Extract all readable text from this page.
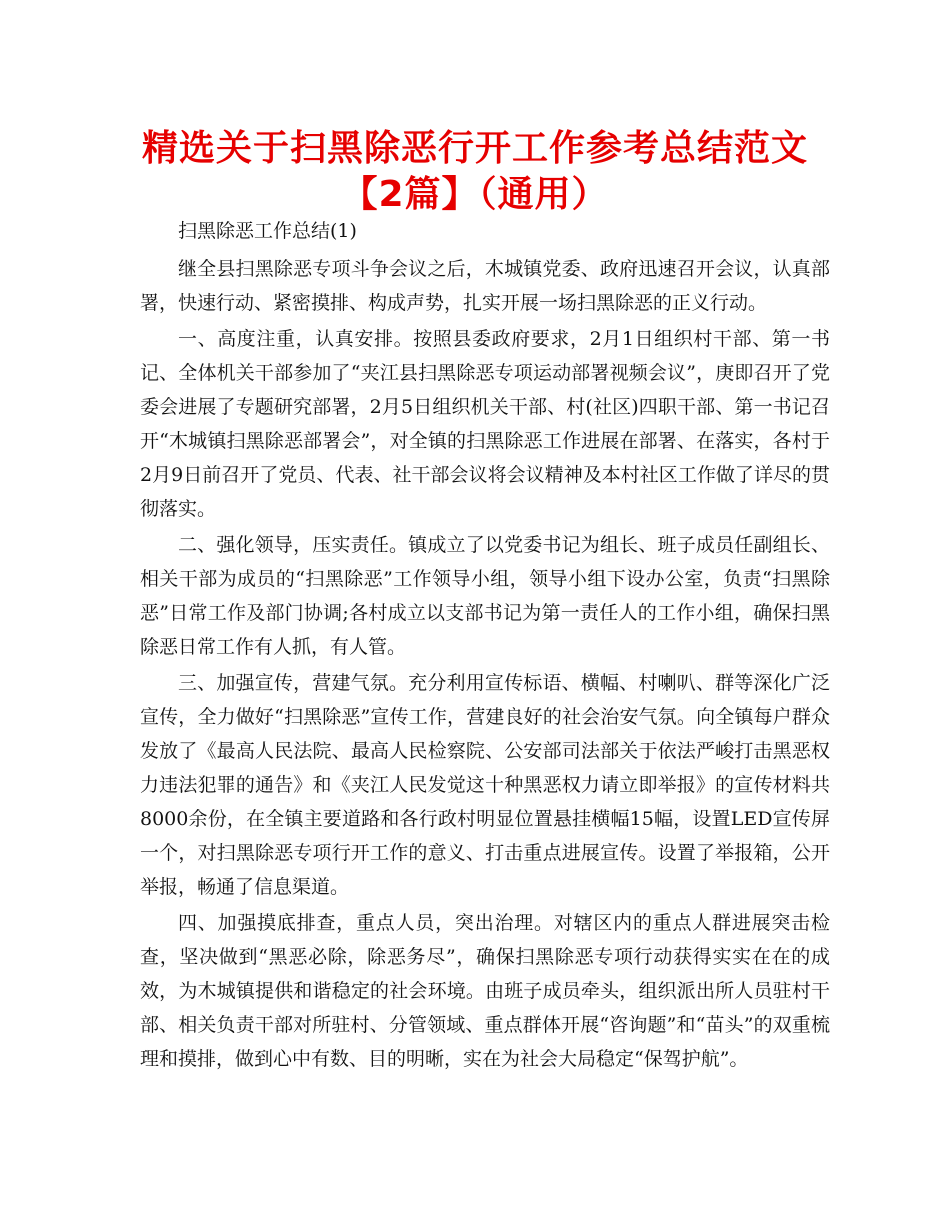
精选关于扫黑除恶行开工作参考总结范文【2篇】（通用）

扫黑除恶工作总结(1)

继全县扫黑除恶专项斗争会议之后，木城镇党委、政府迅速召开会议，认真部署，快速行动、紧密摸排、构成声势，扎实开展一场扫黑除恶的正义行动。

一、高度注重，认真安排。按照县委政府要求，2月1日组织村干部、第一书记、全体机关干部参加了“夹江县扫黑除恶专项运动部署视频会议”，庚即召开了党委会进展了专题研究部署，2月5日组织机关干部、村(社区)四职干部、第一书记召开“木城镇扫黑除恶部署会”，对全镇的扫黑除恶工作进展在部署、在落实，各村于2月9日前召开了党员、代表、社干部会议将会议精神及本村社区工作做了详尽的贯彻落实。

二、强化领导，压实责任。镇成立了以党委书记为组长、班子成员任副组长、相关干部为成员的“扫黑除恶”工作领导小组，领导小组下设办公室，负责“扫黑除恶”日常工作及部门协调;各村成立以支部书记为第一责任人的工作小组，确保扫黑除恶日常工作有人抓，有人管。

三、加强宣传，营建气氛。充分利用宣传标语、横幅、村喇叭、群等深化广泛宣传，全力做好“扫黑除恶”宣传工作，营建良好的社会治安气氛。向全镇每户群众发放了《最高人民法院、最高人民检察院、公安部司法部关于依法严峻打击黑恶权力违法犯罪的通告》和《夹江人民发觉这十种黑恶权力请立即举报》的宣传材料共8000余份，在全镇主要道路和各行政村明显位置悬挂横幅15幅，设置LED宣传屏一个，对扫黑除恶专项行开工作的意义、打击重点进展宣传。设置了举报箱，公开举报，畅通了信息渠道。

四、加强摸底排查，重点人员，突出治理。对辖区内的重点人群进展突击检查，坚决做到“黑恶必除，除恶务尽”，确保扫黑除恶专项行动获得实实在在的成效，为木城镇提供和谐稳定的社会环境。由班子成员牵头，组织派出所人员驻村干部、相关负责干部对所驻村、分管领域、重点群体开展“咨询题”和“苗头”的双重梳理和摸排，做到心中有数、目的明晰，实在为社会大局稳定“保驾护航”。
